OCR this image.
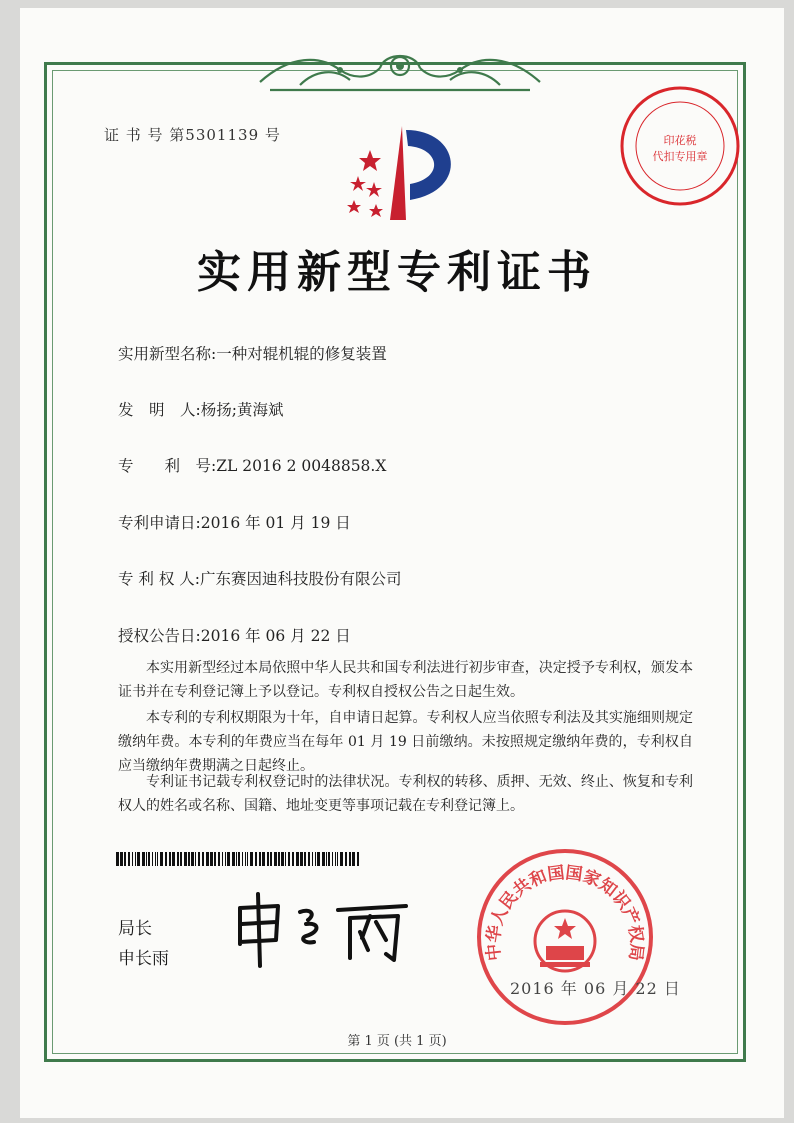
证 书 号 第5301139 号	印花税
代扣专用章
实用新型专利证书
实用新型名称:一种对辊机辊的修复装置
发　明　人:杨扬;黄海斌
专　　利　号:ZL 2016 2 0048858.X
专利申请日:2016 年 01 月 19 日
专 利 权 人:广东赛因迪科技股份有限公司
授权公告日:2016 年 06 月 22 日

本实用新型经过本局依照中华人民共和国专利法进行初步审查，决定授予专利权，颁发本证书并在专利登记簿上予以登记。专利权自授权公告之日起生效。

本专利的专利权期限为十年，自申请日起算。专利权人应当依照专利法及其实施细则规定缴纳年费。本专利的年费应当在每年 01 月 19 日前缴纳。未按照规定缴纳年费的，专利权自应当缴纳年费期满之日起终止。

专利证书记载专利权登记时的法律状况。专利权的转移、质押、无效、终止、恢复和专利权人的姓名或名称、国籍、地址变更等事项记载在专利登记簿上。

局长
申长雨	中华人民共和国国家知识产权局
2016 年 06 月 22 日
第 1 页 (共 1 页)
